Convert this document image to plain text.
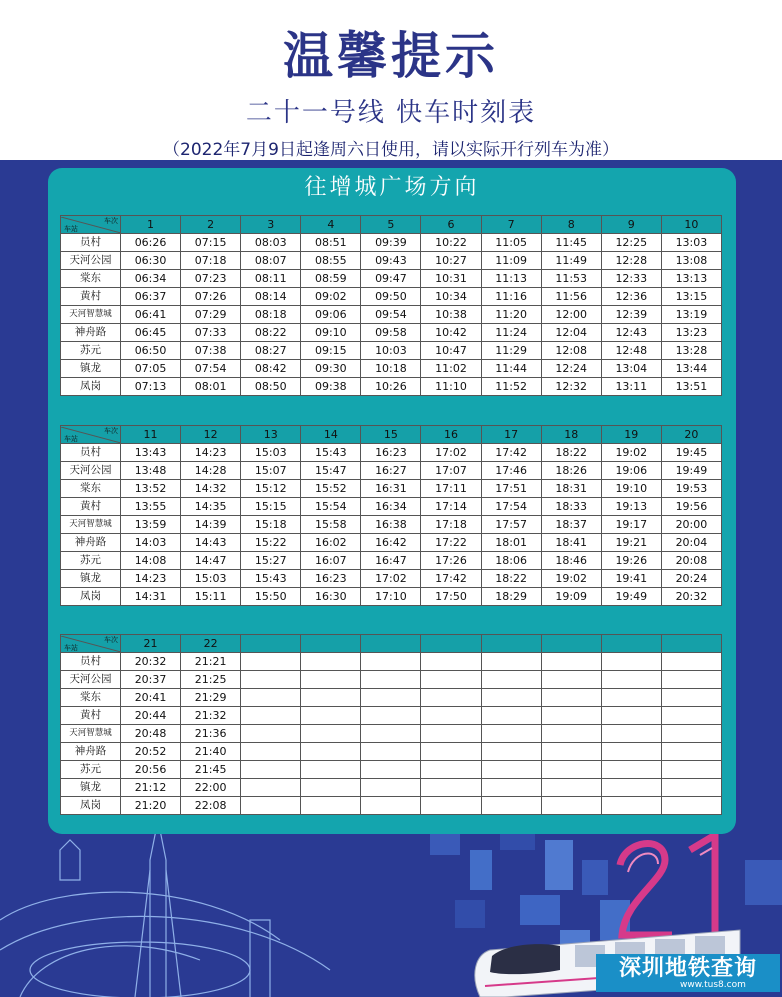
温馨提示
二十一号线 快车时刻表
（2022年7月9日起逢周六日使用，请以实际开行列车为准）
往增城广场方向
车次
车站	1	2	3	4	5	6	7	8	9	10
员村	06:26	07:15	08:03	08:51	09:39	10:22	11:05	11:45	12:25	13:03
天河公园	06:30	07:18	08:07	08:55	09:43	10:27	11:09	11:49	12:28	13:08
棠东	06:34	07:23	08:11	08:59	09:47	10:31	11:13	11:53	12:33	13:13
黄村	06:37	07:26	08:14	09:02	09:50	10:34	11:16	11:56	12:36	13:15
天河智慧城	06:41	07:29	08:18	09:06	09:54	10:38	11:20	12:00	12:39	13:19
神舟路	06:45	07:33	08:22	09:10	09:58	10:42	11:24	12:04	12:43	13:23
苏元	06:50	07:38	08:27	09:15	10:03	10:47	11:29	12:08	12:48	13:28
镇龙	07:05	07:54	08:42	09:30	10:18	11:02	11:44	12:24	13:04	13:44
凤岗	07:13	08:01	08:50	09:38	10:26	11:10	11:52	12:32	13:11	13:51
车次
车站	11	12	13	14	15	16	17	18	19	20
员村	13:43	14:23	15:03	15:43	16:23	17:02	17:42	18:22	19:02	19:45
天河公园	13:48	14:28	15:07	15:47	16:27	17:07	17:46	18:26	19:06	19:49
棠东	13:52	14:32	15:12	15:52	16:31	17:11	17:51	18:31	19:10	19:53
黄村	13:55	14:35	15:15	15:54	16:34	17:14	17:54	18:33	19:13	19:56
天河智慧城	13:59	14:39	15:18	15:58	16:38	17:18	17:57	18:37	19:17	20:00
神舟路	14:03	14:43	15:22	16:02	16:42	17:22	18:01	18:41	19:21	20:04
苏元	14:08	14:47	15:27	16:07	16:47	17:26	18:06	18:46	19:26	20:08
镇龙	14:23	15:03	15:43	16:23	17:02	17:42	18:22	19:02	19:41	20:24
凤岗	14:31	15:11	15:50	16:30	17:10	17:50	18:29	19:09	19:49	20:32
车次
车站	21	22								
员村	20:32	21:21								
天河公园	20:37	21:25								
棠东	20:41	21:29								
黄村	20:44	21:32								
天河智慧城	20:48	21:36								
神舟路	20:52	21:40								
苏元	20:56	21:45								
镇龙	21:12	22:00								
凤岗	21:20	22:08								
深圳地铁查询
www.tus8.com
